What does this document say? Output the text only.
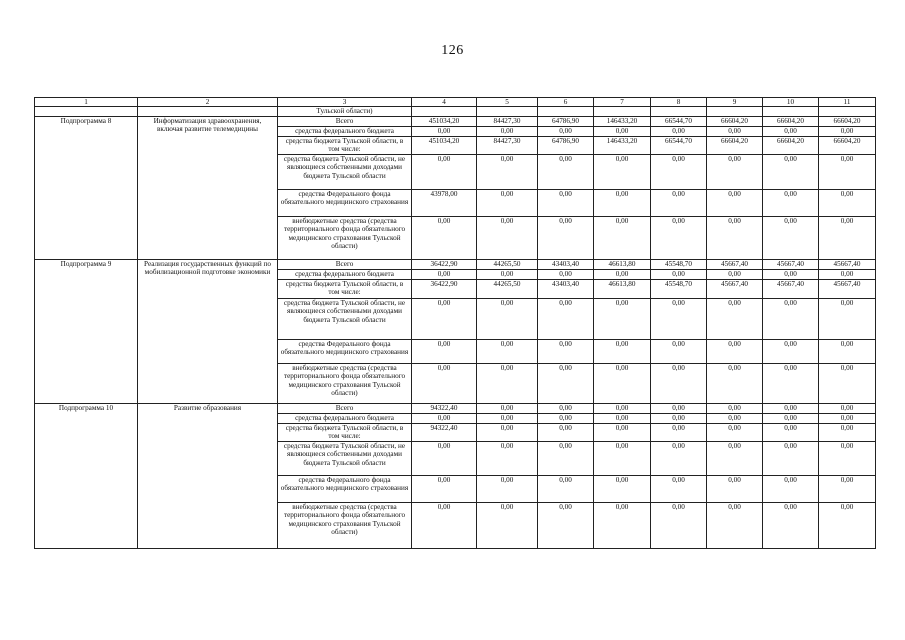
126
1	2	3	4	5	6	7	8	9	10	11
		Тульской области)								
Подпрограмма 8	Информатизация здравоохранения, включая развитие телемедицины	Всего	451034,20	84427,30	64786,90	146433,20	66544,70	66604,20	66604,20	66604,20
		средства федерального бюджета	0,00	0,00	0,00	0,00	0,00	0,00	0,00	0,00
		средства бюджета Тульской области, в том числе:	451034,20	84427,30	64786,90	146433,20	66544,70	66604,20	66604,20	66604,20
		средства бюджета Тульской области, не являющиеся собственными доходами бюджета Тульской области	0,00	0,00	0,00	0,00	0,00	0,00	0,00	0,00
		средства Федерального фонда обязательного медицинского страхования	43978,00	0,00	0,00	0,00	0,00	0,00	0,00	0,00
		внебюджетные средства (средства территориального фонда обязательного медицинского страхования Тульской области)	0,00	0,00	0,00	0,00	0,00	0,00	0,00	0,00
Подпрограмма 9	Реализация государственных функций по мобилизационной подготовке экономики	Всего	36422,90	44265,50	43403,40	46613,80	45548,70	45667,40	45667,40	45667,40
		средства федерального бюджета	0,00	0,00	0,00	0,00	0,00	0,00	0,00	0,00
		средства бюджета Тульской области, в том числе:	36422,90	44265,50	43403,40	46613,80	45548,70	45667,40	45667,40	45667,40
		средства бюджета Тульской области, не являющиеся собственными доходами бюджета Тульской области	0,00	0,00	0,00	0,00	0,00	0,00	0,00	0,00
		средства Федерального фонда обязательного медицинского страхования	0,00	0,00	0,00	0,00	0,00	0,00	0,00	0,00
		внебюджетные средства (средства территориального фонда обязательного медицинского страхования Тульской области)	0,00	0,00	0,00	0,00	0,00	0,00	0,00	0,00
Подпрограмма 10	Развитие образования	Всего	94322,40	0,00	0,00	0,00	0,00	0,00	0,00	0,00
		средства федерального бюджета	0,00	0,00	0,00	0,00	0,00	0,00	0,00	0,00
		средства бюджета Тульской области, в том числе:	94322,40	0,00	0,00	0,00	0,00	0,00	0,00	0,00
		средства бюджета Тульской области, не являющиеся собственными доходами бюджета Тульской области	0,00	0,00	0,00	0,00	0,00	0,00	0,00	0,00
		средства Федерального фонда обязательного медицинского страхования	0,00	0,00	0,00	0,00	0,00	0,00	0,00	0,00
		внебюджетные средства (средства территориального фонда обязательного медицинского страхования Тульской области)	0,00	0,00	0,00	0,00	0,00	0,00	0,00	0,00
